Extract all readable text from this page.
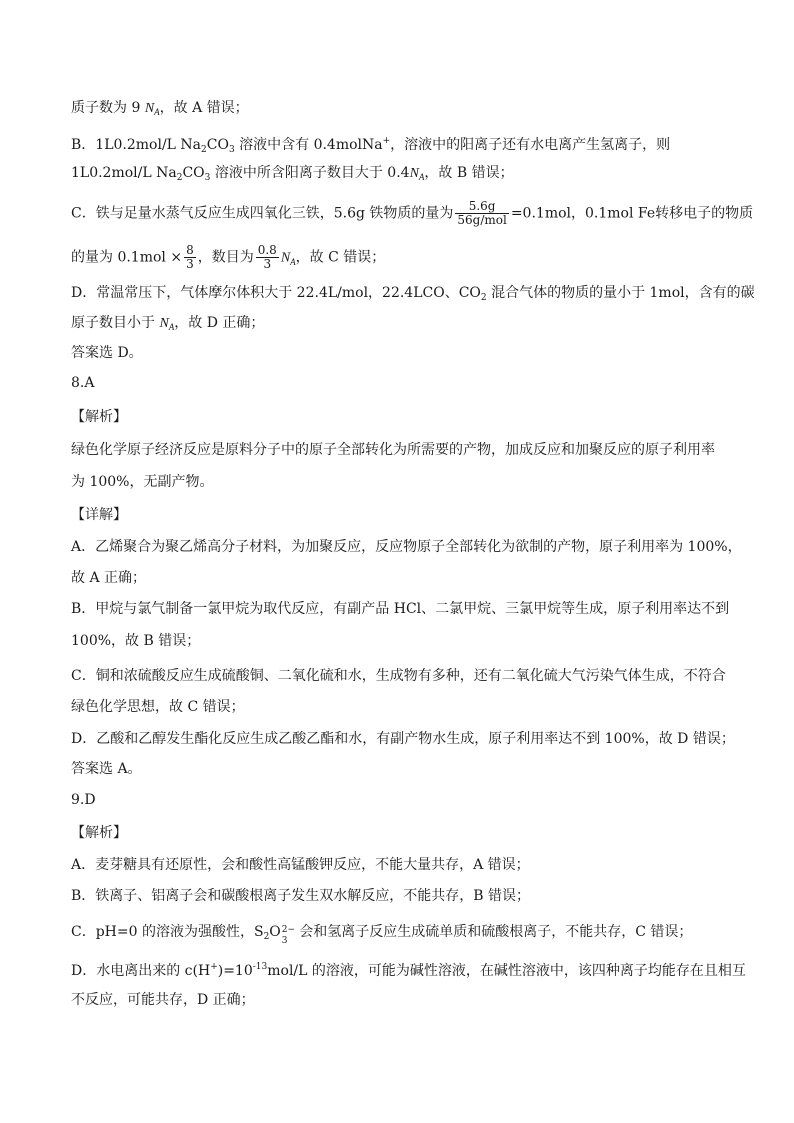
质子数为 9 $N_A$，故 A 错误；
B．1L0.2mol/L $Na_2CO_3$ 溶液中含有 0.4molNa+，溶液中的阳离子还有水电离产生氢离子，则
1L0.2mol/L $Na_2CO_3$ 溶液中所含阳离子数目大于 $0.4N_A$，故 B 错误；
C．铁与足量水蒸气反应生成四氧化三铁，5.6g 铁物质的量为 $\frac{5.6g}{\text{56g/mol}} =0.1mol$，0.1mol Fe转移电子的物质
的量为 $0.1mol \times \frac{8}{3}$ ，数目为 $\frac{0.8}{3} N_A$，故 C 错误；
D．常温常压下，气体摩尔体积大于 22.4L/mol，22.4LCO、$CO_2$ 混合气体的物质的量小于 1mol，含有的碳
原子数目小于 $N_A$，故 D 正确；
答案选 D。
8.A
【解析】
绿色化学原子经济反应是原料分子中的原子全部转化为所需要的产物，加成反应和加聚反应的原子利用率
为 100%，无副产物。
【详解】
A．乙烯聚合为聚乙烯高分子材料，为加聚反应，反应物原子全部转化为欲制的产物，原子利用率为 100%，
故 A 正确；
B．甲烷与氯气制备一氯甲烷为取代反应，有副产品 HCl、二氯甲烷、三氯甲烷等生成，原子利用率达不到
100%，故 B 错误；
C．铜和浓硫酸反应生成硫酸铜、二氧化硫和水，生成物有多种，还有二氧化硫大气污染气体生成，不符合
绿色化学思想，故 C 错误；
D．乙酸和乙醇发生酯化反应生成乙酸乙酯和水，有副产物水生成，原子利用率达不到 100%，故 D 错误；
答案选 A。
9.D
【解析】
A．麦芽糖具有还原性，会和酸性高锰酸钾反应，不能大量共存，A 错误；
B．铁离子、铝离子会和碳酸根离子发生双水解反应，不能共存，B 错误；
C．pH=0 的溶液为强酸性，$S_2O$ 2−
3
会和氢离子反应生成硫单质和硫酸根离子，不能共存，C 错误；
D．水电离出来的 $c(H^+)=10^{-13}mol/L$ 的溶液，可能为碱性溶液，在碱性溶液中，该四种离子均能存在且相互
不反应，可能共存，D 正确；
